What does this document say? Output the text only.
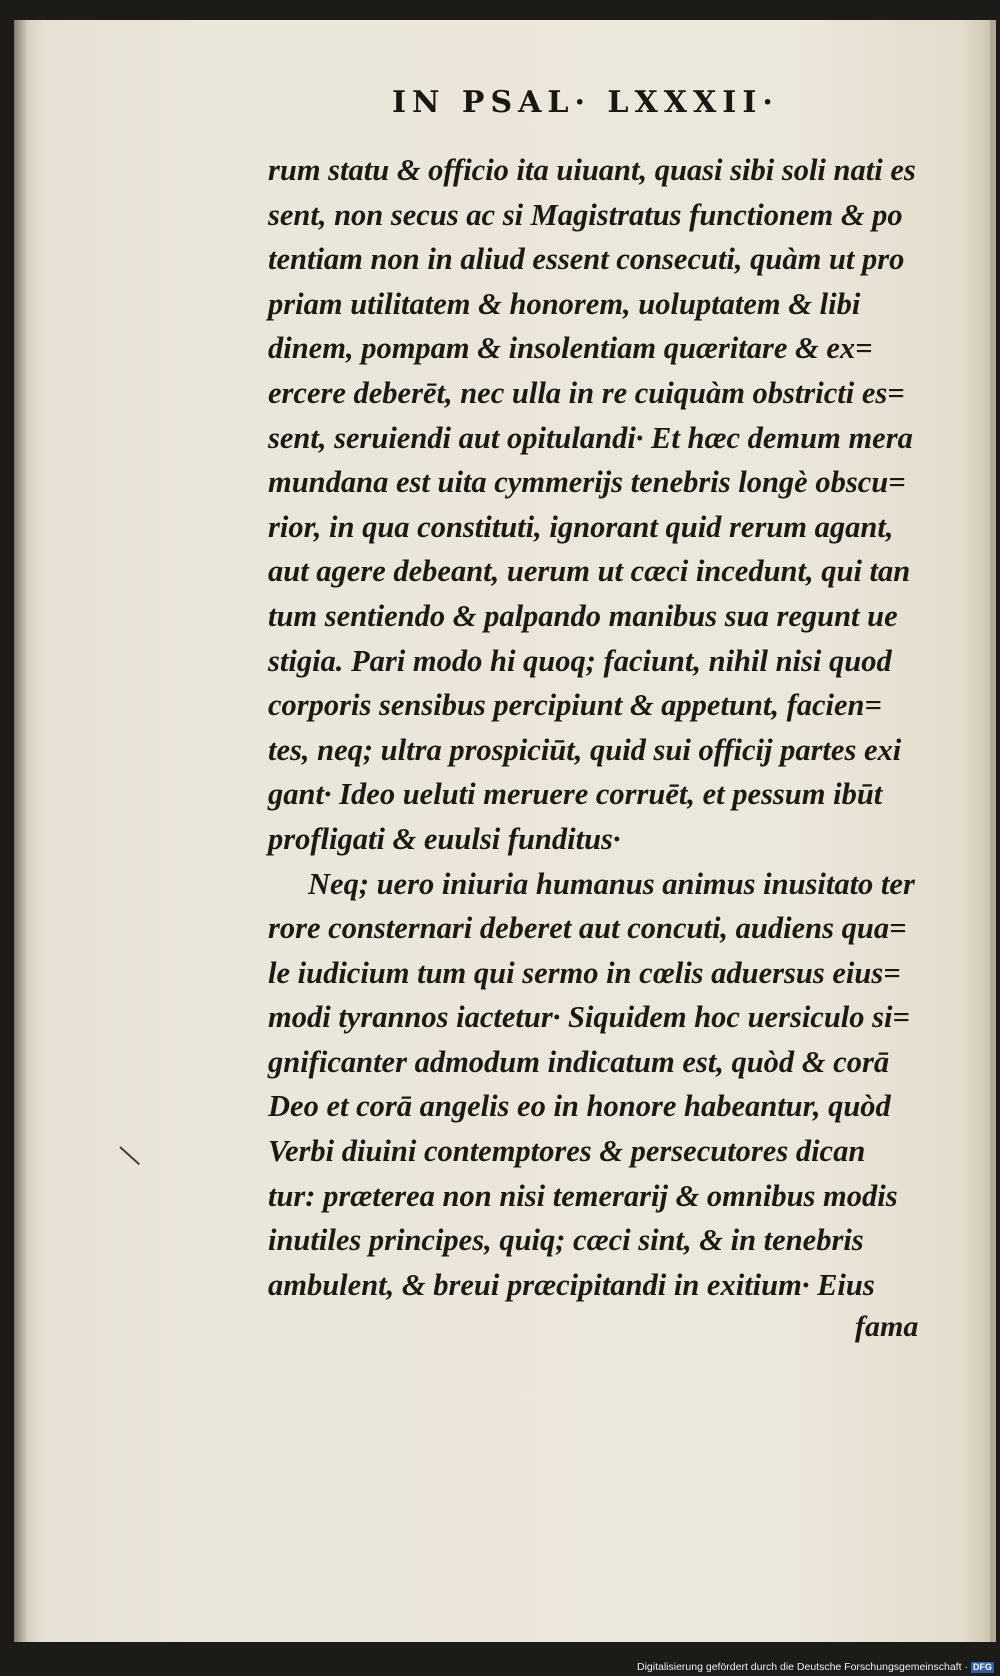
IN PSAL· LXXXII·
rum statu & officio ita uiuant, quasi sibi soli nati es
sent, non secus ac si Magistratus functionem & po
tentiam non in aliud essent consecuti, quàm ut pro
priam utilitatem & honorem, uoluptatem & libi
dinem, pompam & insolentiam quæritare & ex=
ercere deberēt, nec ulla in re cuiquàm obstricti es=
sent, seruiendi aut opitulandi· Et hæc demum mera
mundana est uita cymmerijs tenebris longè obscu=
rior, in qua constituti, ignorant quid rerum agant,
aut agere debeant, uerum ut cæci incedunt, qui tan
tum sentiendo & palpando manibus sua regunt ue
stigia. Pari modo hi quoq; faciunt, nihil nisi quod
corporis sensibus percipiunt & appetunt, facien=
tes, neq; ultra prospiciūt, quid sui officij partes exi
gant· Ideo ueluti meruere corruēt, et pessum ibūt
profligati & euulsi funditus·
Neq; uero iniuria humanus animus inusitato ter
rore consternari deberet aut concuti, audiens qua=
le iudicium tum qui sermo in cœlis aduersus eius=
modi tyrannos iactetur· Siquidem hoc uersiculo si=
gnificanter admodum indicatum est, quòd & corā
Deo et corā angelis eo in honore habeantur, quòd
Verbi diuini contemptores & persecutores dican
tur: præterea non nisi temerarij & omnibus modis
inutiles principes, quiq; cæci sint, & in tenebris
ambulent, & breui præcipitandi in exitium· Eius
fama
Digitalisierung gefördert durch die Deutsche Forschungsgemeinschaft · DFG
